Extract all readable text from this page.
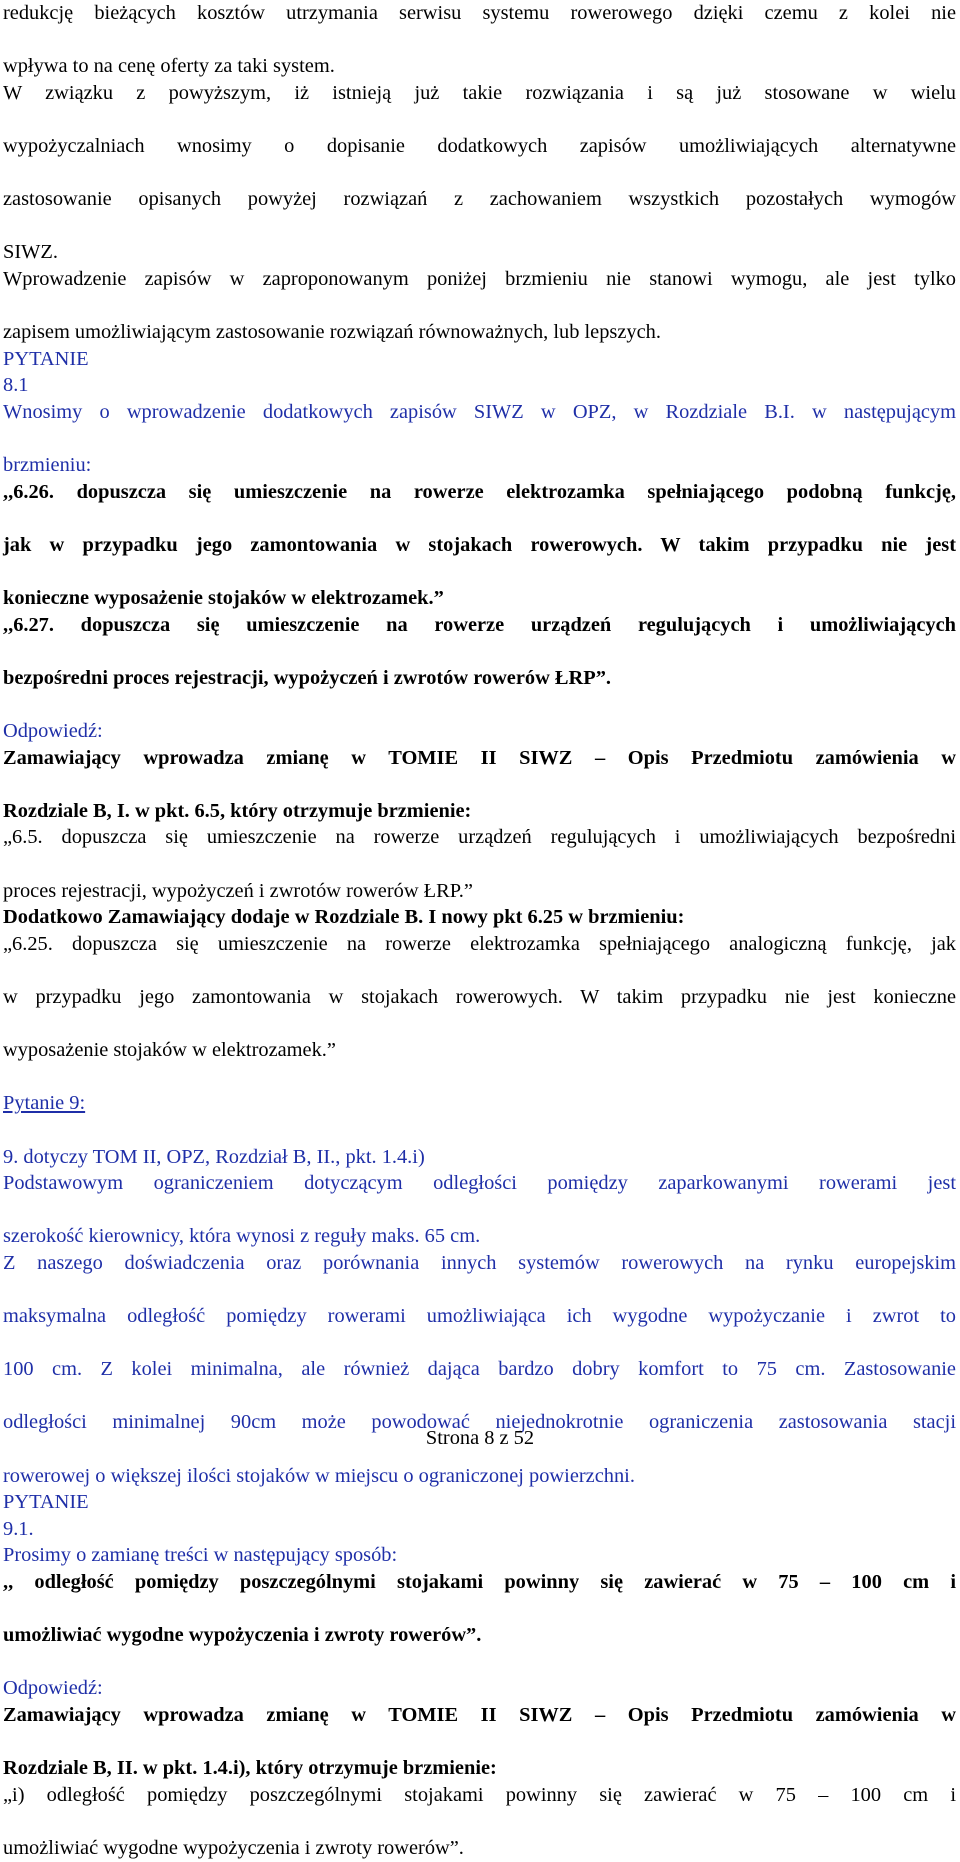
redukcję bieżących kosztów utrzymania serwisu systemu rowerowego dzięki czemu z kolei nie
wpływa to na cenę oferty za taki system.
W związku z powyższym, iż istnieją już takie rozwiązania i są już stosowane w wielu
wypożyczalniach wnosimy o dopisanie dodatkowych zapisów umożliwiających alternatywne
zastosowanie opisanych powyżej rozwiązań z zachowaniem wszystkich pozostałych wymogów
SIWZ.
Wprowadzenie zapisów w zaproponowanym poniżej brzmieniu nie stanowi wymogu, ale jest tylko
zapisem umożliwiającym zastosowanie rozwiązań równoważnych, lub lepszych.
PYTANIE
8.1
Wnosimy o wprowadzenie dodatkowych zapisów SIWZ w OPZ, w Rozdziale B.I. w następującym
brzmieniu:
,,6.26. dopuszcza się umieszczenie na rowerze elektrozamka spełniającego podobną funkcję,
jak w przypadku jego zamontowania w stojakach rowerowych. W takim przypadku nie jest
konieczne wyposażenie stojaków w elektrozamek.”
,,6.27. dopuszcza się umieszczenie na rowerze urządzeń regulujących i umożliwiających
bezpośredni proces rejestracji, wypożyczeń i zwrotów rowerów ŁRP”.
Odpowiedź:
Zamawiający wprowadza zmianę w TOMIE II SIWZ – Opis Przedmiotu zamówienia w
Rozdziale B, I. w pkt. 6.5, który otrzymuje brzmienie:
„6.5. dopuszcza się umieszczenie na rowerze urządzeń regulujących i umożliwiających bezpośredni
proces rejestracji, wypożyczeń i zwrotów rowerów ŁRP.”
Dodatkowo Zamawiający dodaje w Rozdziale B. I nowy pkt 6.25 w brzmieniu:
„6.25. dopuszcza się umieszczenie na rowerze elektrozamka spełniającego analogiczną funkcję, jak
w przypadku jego zamontowania w stojakach rowerowych. W takim przypadku nie jest konieczne
wyposażenie stojaków w elektrozamek.”
Pytanie 9:
9. dotyczy TOM II, OPZ, Rozdział B, II., pkt. 1.4.i)
Podstawowym ograniczeniem dotyczącym odległości pomiędzy zaparkowanymi rowerami jest
szerokość kierownicy, która wynosi z reguły maks. 65 cm.
Z naszego doświadczenia oraz porównania innych systemów rowerowych na rynku europejskim
maksymalna odległość pomiędzy rowerami umożliwiająca ich wygodne wypożyczanie i zwrot to
100 cm. Z kolei minimalna, ale również dająca bardzo dobry komfort to 75 cm. Zastosowanie
odległości minimalnej 90cm może powodować niejednokrotnie ograniczenia zastosowania stacji
rowerowej o większej ilości stojaków w miejscu o ograniczonej powierzchni.
PYTANIE
9.1.
Prosimy o zamianę treści w następujący sposób:
,, odległość pomiędzy poszczególnymi stojakami powinny się zawierać w 75 – 100 cm i
umożliwiać wygodne wypożyczenia i zwroty rowerów”.
Odpowiedź:
Zamawiający wprowadza zmianę w TOMIE II SIWZ – Opis Przedmiotu zamówienia w
Rozdziale B, II. w pkt. 1.4.i), który otrzymuje brzmienie:
„i) odległość pomiędzy poszczególnymi stojakami powinny się zawierać w 75 – 100 cm i
umożliwiać wygodne wypożyczenia i zwroty rowerów”.
Strona 8 z 52
